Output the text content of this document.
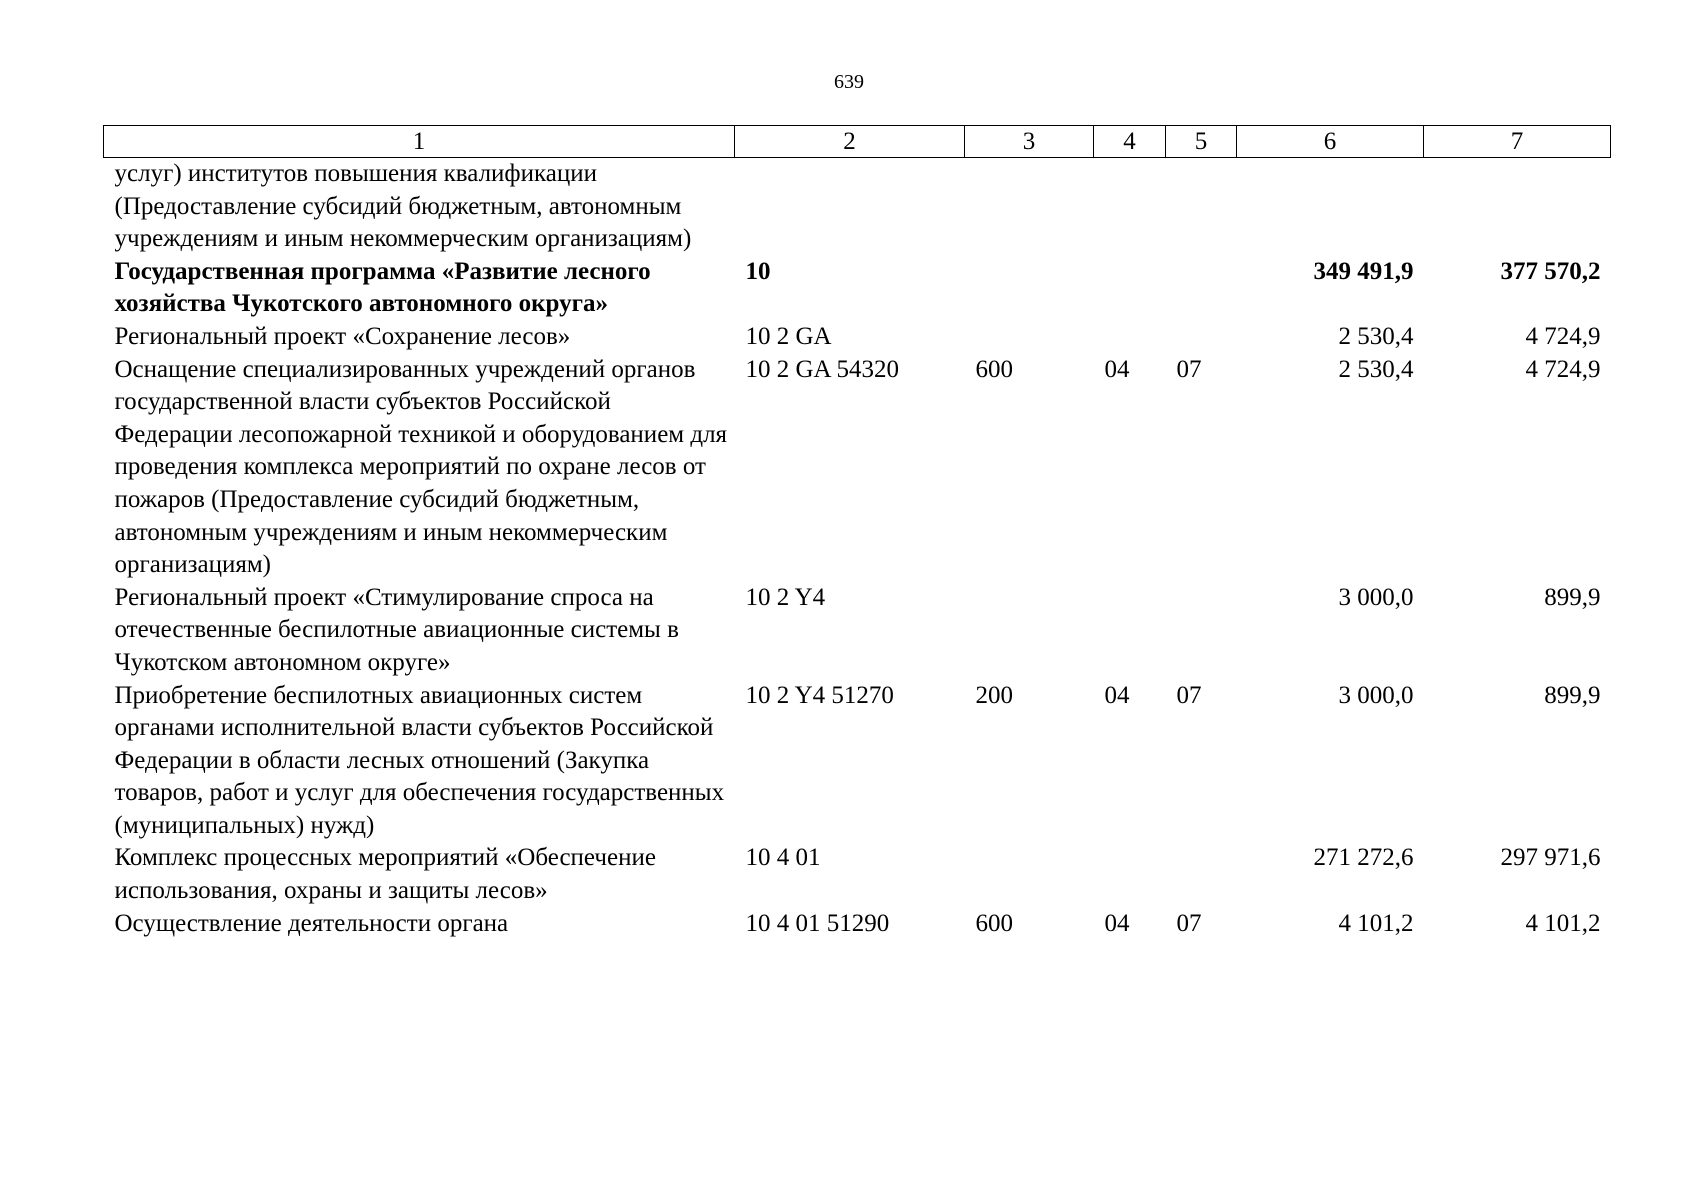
639
1	2	3	4	5	6	7
услуг) институтов повышения квалификации (Предоставление субсидий бюджетным, автономным учреждениям и иным некоммерческим организациям)						
Государственная программа «Развитие лесного хозяйства Чукотского автономного округа»	10				349 491,9	377 570,2
Региональный проект «Сохранение лесов»	10 2 GA				2 530,4	4 724,9
Оснащение специализированных учреждений органов государственной власти субъектов Российской Федерации лесопожарной техникой и оборудованием для проведения комплекса мероприятий по охране лесов от пожаров (Предоставление субсидий бюджетным, автономным учреждениям и иным некоммерческим организациям)	10 2 GA 54320	600	04	07	2 530,4	4 724,9
Региональный проект «Стимулирование спроса на отечественные беспилотные авиационные системы в Чукотском автономном округе»	10 2 Y4				3 000,0	899,9
Приобретение беспилотных авиационных систем органами исполнительной власти субъектов Российской Федерации в области лесных отношений (Закупка товаров, работ и услуг для обеспечения государственных (муниципальных) нужд)	10 2 Y4 51270	200	04	07	3 000,0	899,9
Комплекс процессных мероприятий «Обеспечение использования, охраны и защиты лесов»	10 4 01				271 272,6	297 971,6
Осуществление деятельности органа	10 4 01 51290	600	04	07	4 101,2	4 101,2
